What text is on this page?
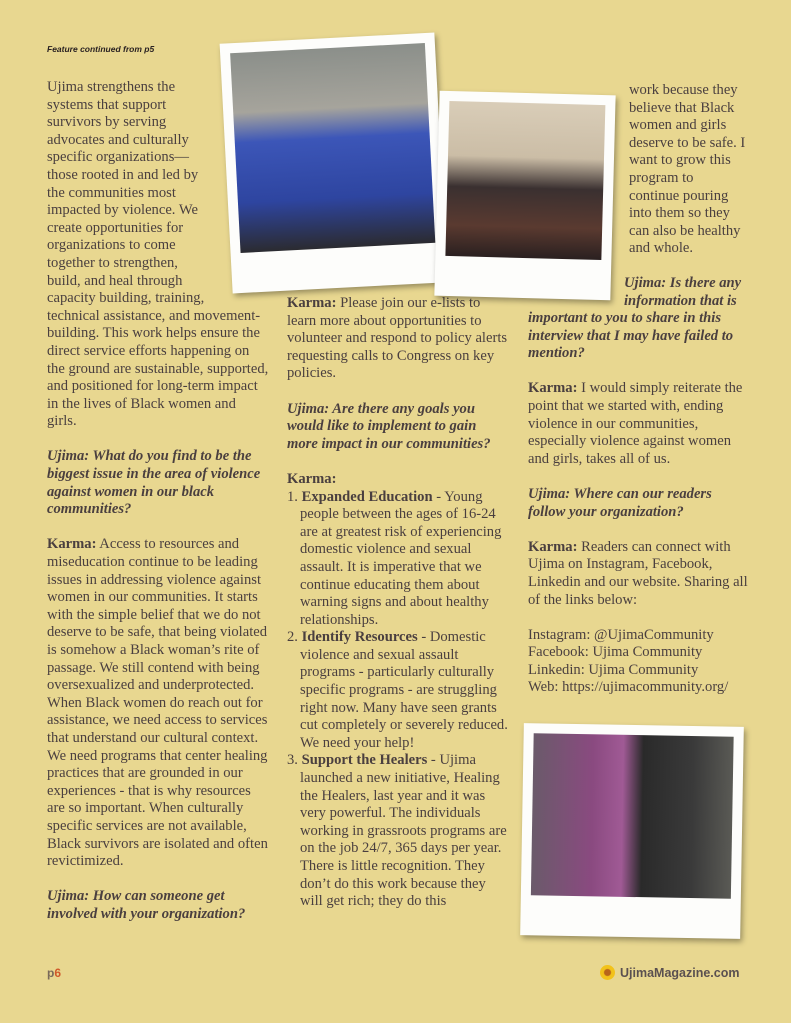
Feature continued from p5

Ujima strengthens the systems that support survivors by serving advocates and culturally specific organizations—those rooted in and led by the communities most impacted by violence. We create opportunities for organizations to come together to strengthen, build, and heal through capacity building, training, technical assistance, and movement-building. This work helps ensure the direct service efforts happening on the ground are sustainable, supported, and positioned for long-term impact in the lives of Black women and girls.

Ujima: What do you find to be the biggest issue in the area of violence against women in our black communities?

Karma: Access to resources and miseducation continue to be leading issues in addressing violence against women in our communities. It starts with the simple belief that we do not deserve to be safe, that being violated is somehow a Black woman’s rite of passage. We still contend with being oversexualized and underprotected. When Black women do reach out for assistance, we need access to services that understand our cultural context. We need programs that center healing practices that are grounded in our experiences - that is why resources are so important. When culturally specific services are not available, Black survivors are isolated and often revictimized.

Ujima: How can someone get involved with your organization?

Karma: Please join our e-lists to learn more about opportunities to volunteer and respond to policy alerts requesting calls to Congress on key policies.

Ujima: Are there any goals you would like to implement to gain more impact in our communities?

Karma:
1. Expanded Education - Young people between the ages of 16-24 are at greatest risk of experiencing domestic violence and sexual assault. It is imperative that we continue educating them about warning signs and about healthy relationships.
2. Identify Resources - Domestic violence and sexual assault programs - particularly culturally specific programs - are struggling right now. Many have seen grants cut completely or severely reduced. We need your help!
3. Support the Healers - Ujima launched a new initiative, Healing the Healers, last year and it was very powerful. The individuals working in grassroots programs are on the job 24/7, 365 days per year. There is little recognition. They don’t do this work because they will get rich; they do this

work because they believe that Black women and girls deserve to be safe. I want to grow this program to continue pouring into them so they can also be healthy and whole.

Ujima: Is there any information that is

important to you to share in this interview that I may have failed to mention?

Karma: I would simply reiterate the point that we started with, ending violence in our communities, especially violence against women and girls, takes all of us.

Ujima: Where can our readers follow your organization?

Karma: Readers can connect with Ujima on Instagram, Facebook, Linkedin and our website. Sharing all of the links below:

Instagram: @UjimaCommunity
Facebook: Ujima Community
Linkedin: Ujima Community
Web: https://ujimacommunity.org/
p6	UjimaMagazine.com
